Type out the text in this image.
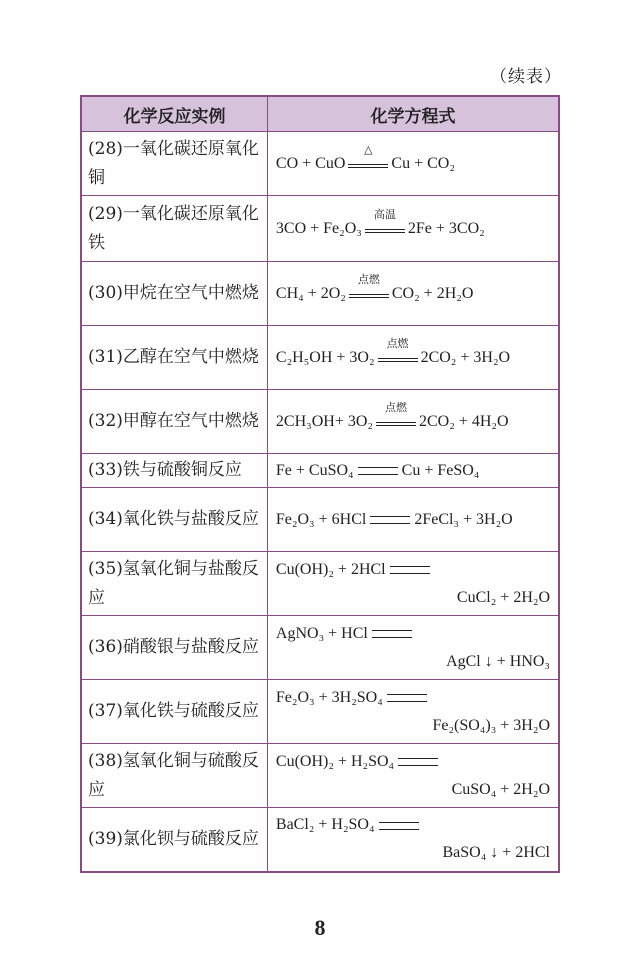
（续表）
化学反应实例	化学方程式
(28)一氧化碳还原氧化铜	CO + CuO
△
Cu + CO₂

(29)一氧化碳还原氧化铁	3CO + Fe₂O₃
高温
2Fe + 3CO₂

(30)甲烷在空气中燃烧	CH₄ + 2O₂
点燃
CO₂ + 2H₂O

(31)乙醇在空气中燃烧	C₂H₅OH + 3O₂
点燃
2CO₂ + 3H₂O

(32)甲醇在空气中燃烧	2CH₃OH+ 3O₂
点燃
2CO₂ + 4H₂O

(33)铁与硫酸铜反应	Fe + CuSO₄ Cu + FeSO₄

(34)氧化铁与盐酸反应	Fe₂O₃ + 6HCl 2FeCl₃ + 3H₂O

(35)氢氧化铜与盐酸反应	Cu(OH)₂ + 2HCl
CuCl₂ + 2H₂O

(36)硝酸银与盐酸反应	AgNO₃ + HCl
AgCl ↓ + HNO₃

(37)氧化铁与硫酸反应	Fe₂O₃ + 3H₂SO₄
Fe₂(SO₄)₃ + 3H₂O

(38)氢氧化铜与硫酸反应	Cu(OH)₂ + H₂SO₄
CuSO₄ + 2H₂O

(39)氯化钡与硫酸反应	BaCl₂ + H₂SO₄
BaSO₄ ↓ + 2HCl
8
